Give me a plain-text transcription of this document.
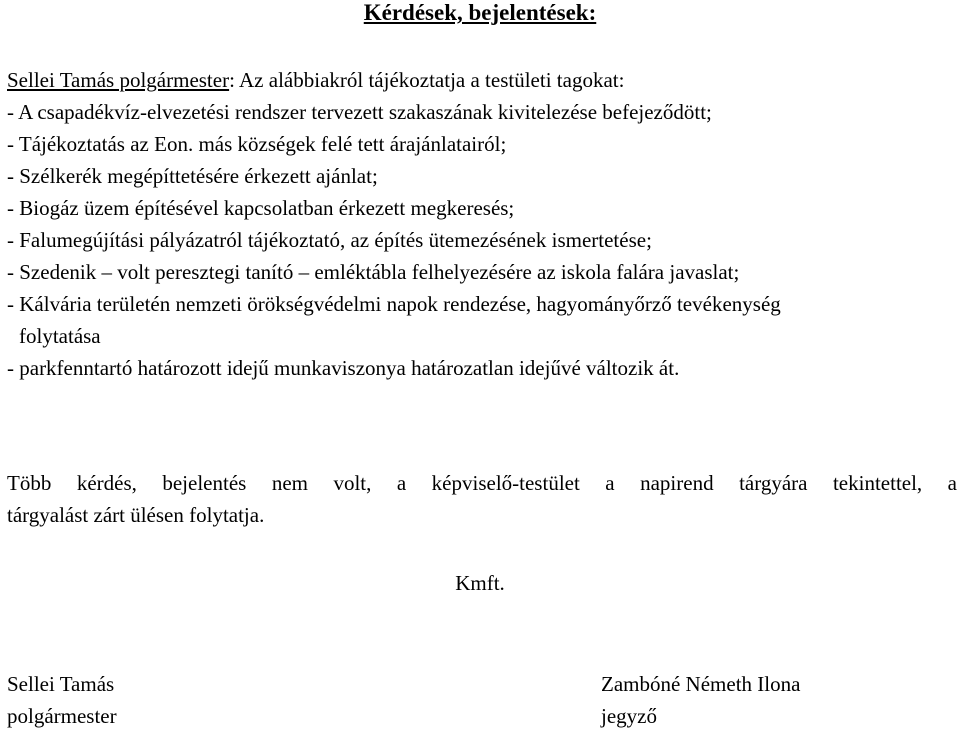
Kérdések, bejelentések:
Sellei Tamás polgármester: Az alábbiakról tájékoztatja a testületi tagokat:
- A csapadékvíz-elvezetési rendszer tervezett szakaszának kivitelezése befejeződött;
- Tájékoztatás az Eon. más községek felé tett árajánlatairól;
- Szélkerék megépíttetésére érkezett ajánlat;
- Biogáz üzem építésével kapcsolatban érkezett megkeresés;
- Falumegújítási pályázatról tájékoztató, az építés ütemezésének ismertetése;
- Szedenik – volt peresztegi tanító – emléktábla felhelyezésére az iskola falára javaslat;
- Kálvária területén nemzeti örökségvédelmi napok rendezése, hagyományőrző tevékenység
folytatása
- parkfenntartó határozott idejű munkaviszonya határozatlan idejűvé változik át.
Több kérdés, bejelentés nem volt, a képviselő-testület a napirend tárgyára tekintettel, a
tárgyalást zárt ülésen folytatja.
Kmft.
Sellei Tamás
polgármester
Zambóné Németh Ilona
jegyző
